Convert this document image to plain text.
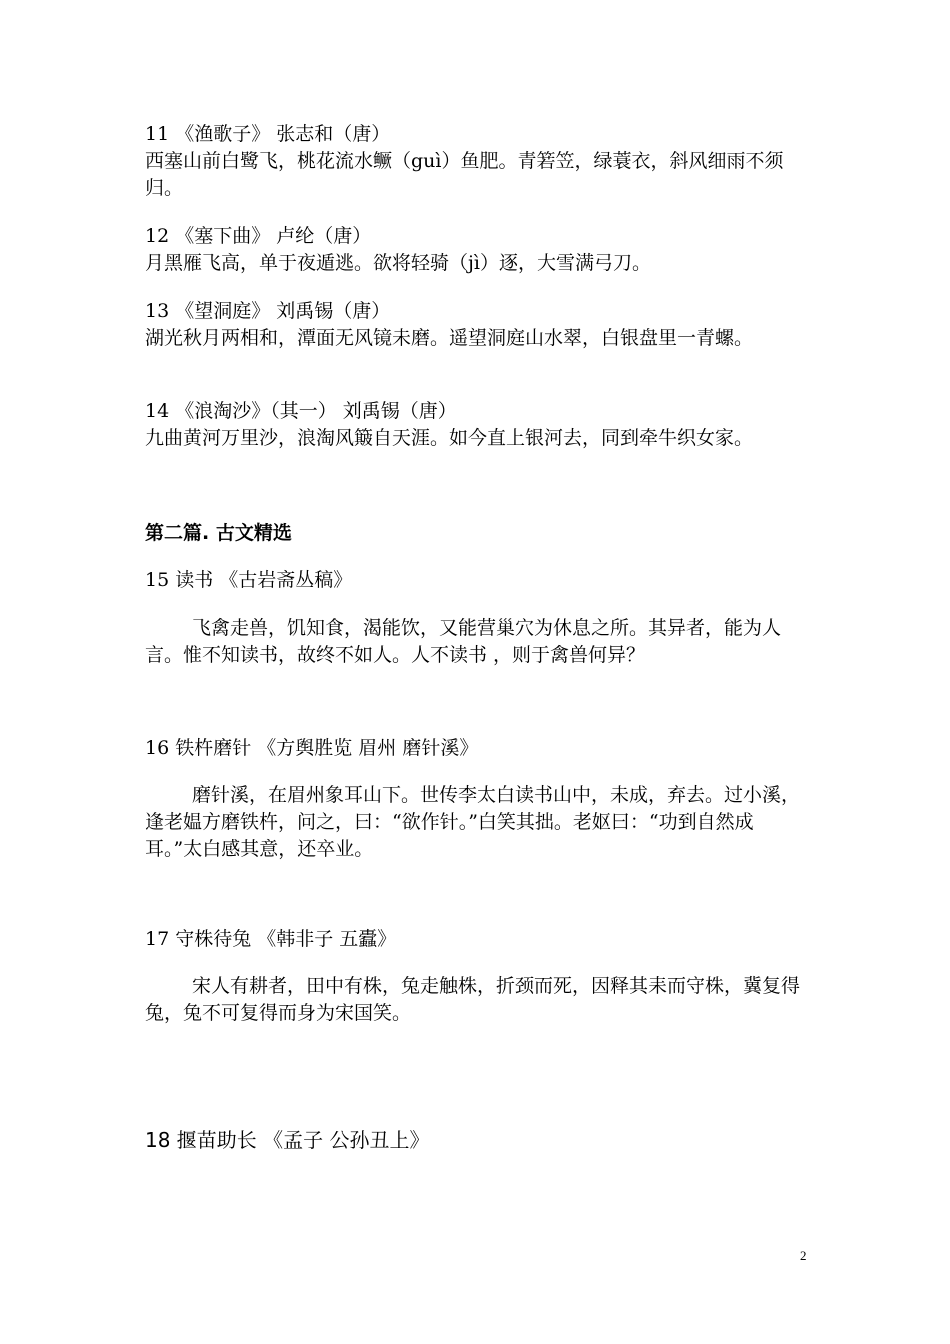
11 《渔歌子》 张志和（唐）
西塞山前白鹭飞，桃花流水鳜（guì）鱼肥。青箬笠，绿蓑衣，斜风细雨不须归。
12 《塞下曲》 卢纶（唐）
月黑雁飞高，单于夜遁逃。欲将轻骑（jì）逐，大雪满弓刀。
13 《望洞庭》 刘禹锡（唐）
湖光秋月两相和，潭面无风镜未磨。遥望洞庭山水翠，白银盘里一青螺。
14 《浪淘沙》（其一） 刘禹锡（唐）
九曲黄河万里沙，浪淘风簸自天涯。如今直上银河去，同到牵牛织女家。
第二篇. 古文精选
15 读书 《古岩斋丛稿》
飞禽走兽，饥知食，渴能饮，又能营巢穴为休息之所。其异者，能为人言。惟不知读书，故终不如人。人不读书 ，则于禽兽何异？
16 铁杵磨针 《方舆胜览 眉州 磨针溪》
磨针溪，在眉州象耳山下。世传李太白读书山中，未成，弃去。过小溪，逢老媪方磨铁杵，问之，曰：“欲作针。”白笑其拙。老妪曰：“功到自然成耳。”太白感其意，还卒业。
17 守株待兔 《韩非子 五蠹》
宋人有耕者，田中有株，兔走触株，折颈而死，因释其耒而守株，冀复得兔，兔不可复得而身为宋国笑。
18 揠苗助长 《孟子 公孙丑上》
2
